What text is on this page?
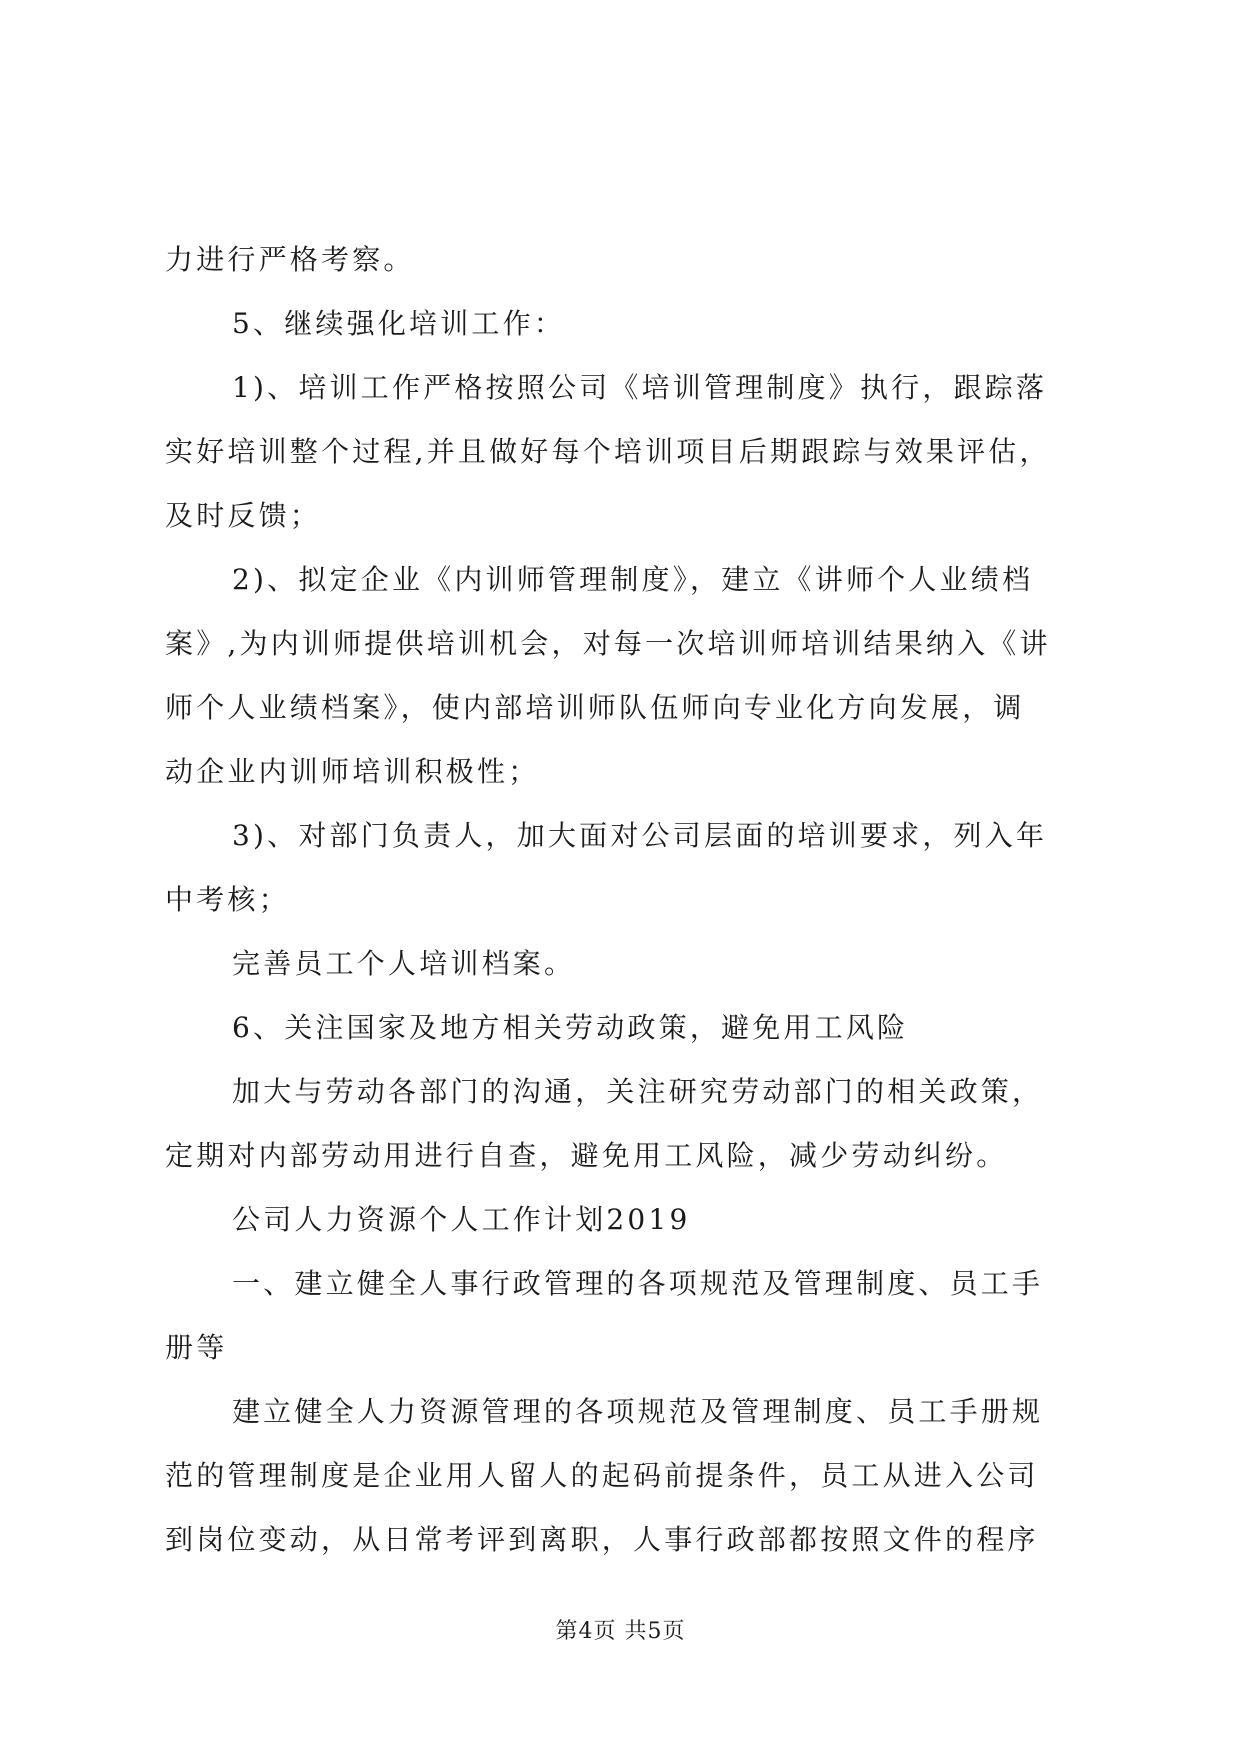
力进行严格考察。
5、继续强化培训工作：
1)、培训工作严格按照公司《培训管理制度》执行，跟踪落
实好培训整个过程,并且做好每个培训项目后期跟踪与效果评估，
及时反馈；
2)、拟定企业《内训师管理制度》，建立《讲师个人业绩档
案》,为内训师提供培训机会，对每一次培训师培训结果纳入《讲
师个人业绩档案》，使内部培训师队伍师向专业化方向发展，调
动企业内训师培训积极性；
3)、对部门负责人，加大面对公司层面的培训要求，列入年
中考核；
完善员工个人培训档案。
6、关注国家及地方相关劳动政策，避免用工风险
加大与劳动各部门的沟通，关注研究劳动部门的相关政策，
定期对内部劳动用进行自查，避免用工风险，减少劳动纠纷。
公司人力资源个人工作计划2019
一、建立健全人事行政管理的各项规范及管理制度、员工手
册等
建立健全人力资源管理的各项规范及管理制度、员工手册规
范的管理制度是企业用人留人的起码前提条件，员工从进入公司
到岗位变动，从日常考评到离职，人事行政部都按照文件的程序
第4页 共5页
